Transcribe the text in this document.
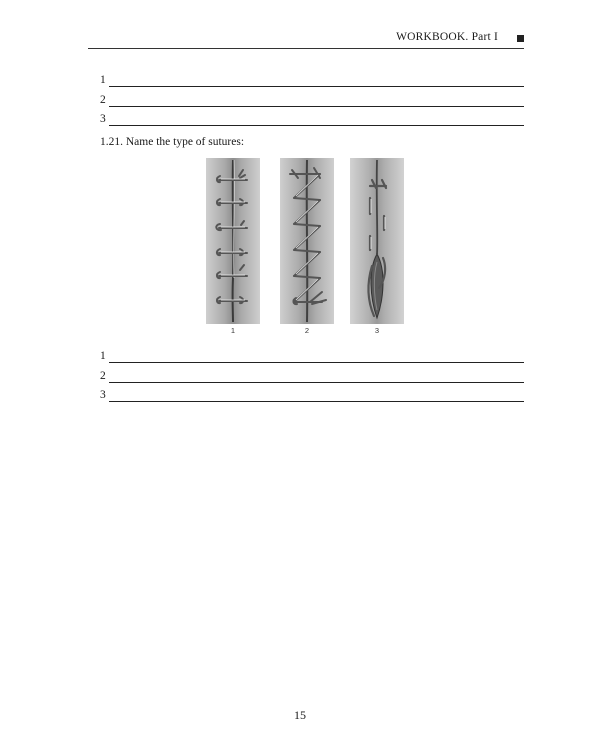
WORKBOOK. Part I
1
2
3
1.21. Name the type of sutures:
1	2	3
1
2
3
15
